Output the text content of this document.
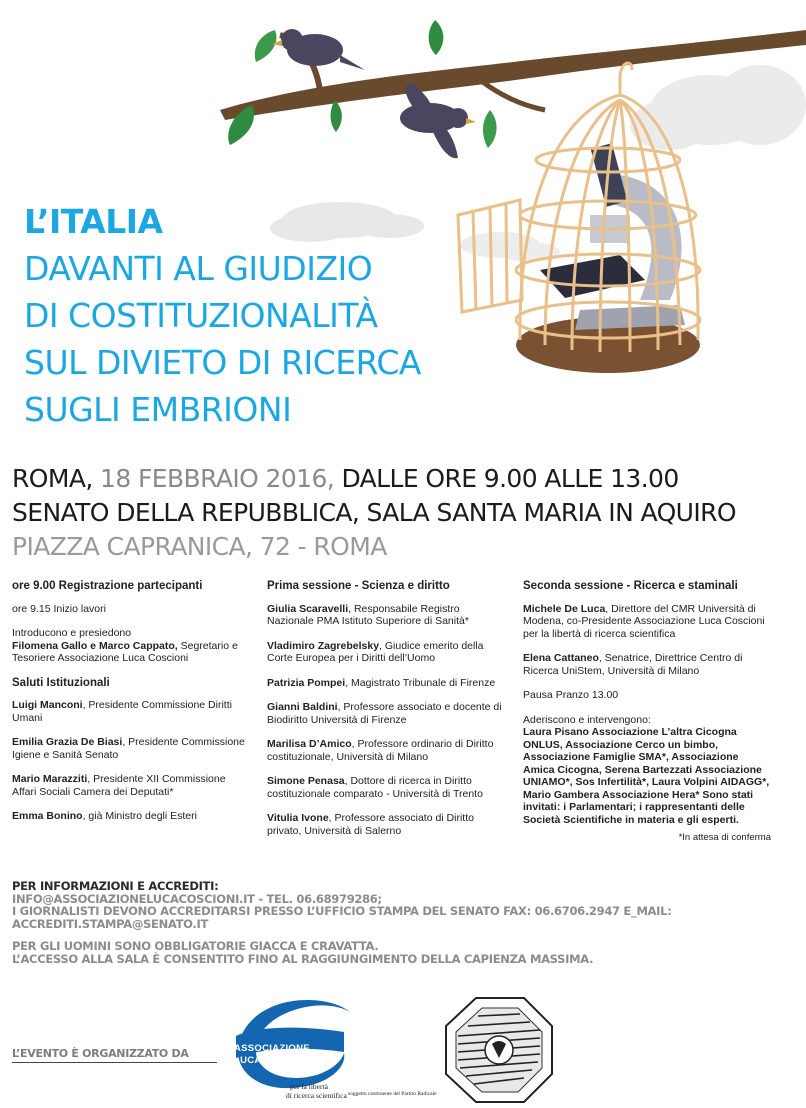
L’ITALIA
DAVANTI AL GIUDIZIO
DI COSTITUZIONALITÀ
SUL DIVIETO DI RICERCA
SUGLI EMBRIONI
ROMA, 18 FEBBRAIO 2016, DALLE ORE 9.00 ALLE 13.00
SENATO DELLA REPUBBLICA, SALA SANTA MARIA IN AQUIRO
PIAZZA CAPRANICA, 72 - ROMA
ore 9.00 Registrazione partecipanti

ore 9.15 Inizio lavori

Introducono e presiedono
Filomena Gallo e Marco Cappato, Segretario e Tesoriere Associazione Luca Coscioni

Saluti Istituzionali

Luigi Manconi, Presidente Commissione Diritti Umani

Emilia Grazia De Biasi, Presidente Commissione Igiene e Sanità Senato

Mario Marazziti, Presidente XII Commissione Affari Sociali Camera dei Deputati*

Emma Bonino, già Ministro degli Esteri

Prima sessione - Scienza e diritto

Giulia Scaravelli, Responsabile Registro Nazionale PMA Istituto Superiore di Sanità*

Vladimiro Zagrebelsky, Giudice emerito della Corte Europea per i Diritti dell’Uomo

Patrizia Pompei, Magistrato Tribunale di Firenze

Gianni Baldini, Professore associato e docente di Biodiritto Università di Firenze

Marilisa D’Amico, Professore ordinario di Diritto costituzionale, Università di Milano

Simone Penasa, Dottore di ricerca in Diritto costituzionale comparato - Università di Trento

Vitulia Ivone, Professore associato di Diritto privato, Università di Salerno

Seconda sessione - Ricerca e staminali

Michele De Luca, Direttore del CMR Università di Modena, co-Presidente Associazione Luca Coscioni per la libertà di ricerca scientifica

Elena Cattaneo, Senatrice, Direttrice Centro di Ricerca UniStem, Università di Milano

Pausa Pranzo 13.00

Aderiscono e intervengono:
Laura Pisano Associazione L’altra Cicogna ONLUS, Associazione Cerco un bimbo, Associazione Famiglie SMA*, Associazione Amica Cicogna, Serena Bartezzati Associazione UNIAMO*, Sos Infertilità*, Laura Volpini AIDAGG*, Mario Gambera Associazione Hera* Sono stati invitati: i Parlamentari; i rappresentanti delle Società Scientifiche in materia e gli esperti.

*In attesa di conferma
PER INFORMAZIONI E ACCREDITI:
INFO@ASSOCIAZIONELUCACOSCIONI.IT - TEL. 06.68979286;
I GIORNALISTI DEVONO ACCREDITARSI PRESSO L’UFFICIO STAMPA DEL SENATO FAX: 06.6706.2947 E_MAIL:
ACCREDITI.STAMPA@SENATO.IT
PER GLI UOMINI SONO OBBLIGATORIE GIACCA E CRAVATTA.
L’ACCESSO ALLA SALA È CONSENTITO FINO AL RAGGIUNGIMENTO DELLA CAPIENZA MASSIMA.
L’EVENTO È ORGANIZZATO DA	ASSOCIAZIONE
LUCACOSCIONI
per la libertà
di ricerca scientifica soggetto costituente del Partito Radicale
